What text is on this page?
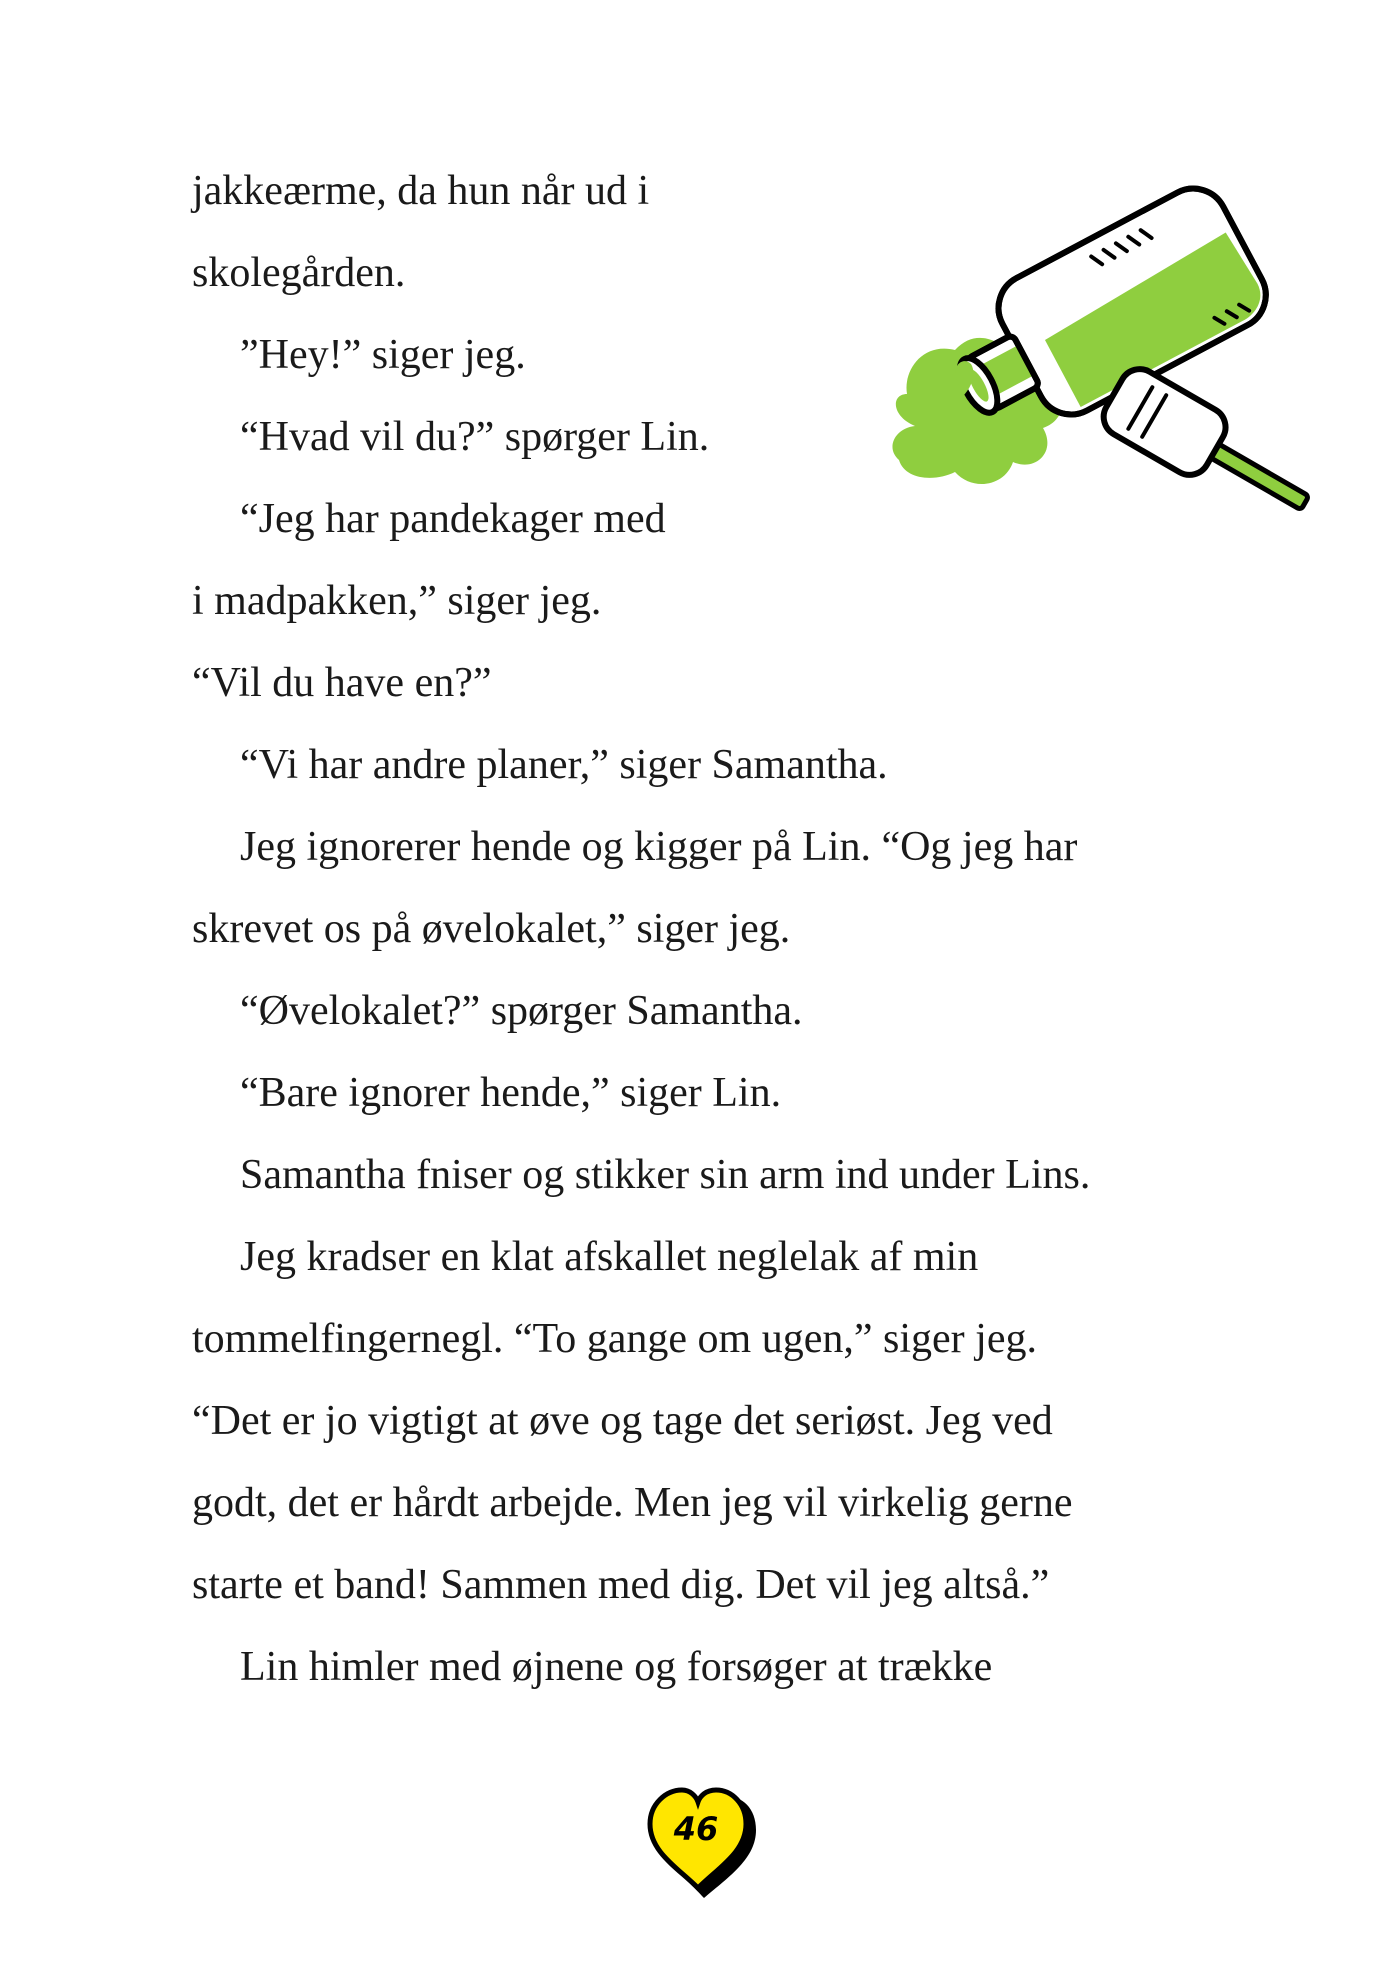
jakkeærme, da hun når ud i
skolegården.
”Hey!” siger jeg.
“Hvad vil du?” spørger Lin.
“Jeg har pandekager med
i madpakken,” siger jeg.
“Vil du have en?”
“Vi har andre planer,” siger Samantha.
Jeg ignorerer hende og kigger på Lin. “Og jeg har
skrevet os på øvelokalet,” siger jeg.
“Øvelokalet?” spørger Samantha.
“Bare ignorer hende,” siger Lin.
Samantha fniser og stikker sin arm ind under Lins.
Jeg kradser en klat afskallet neglelak af min
tommelfingernegl. “To gange om ugen,” siger jeg.
“Det er jo vigtigt at øve og tage det seriøst. Jeg ved
godt, det er hårdt arbejde. Men jeg vil virkelig gerne
starte et band! Sammen med dig. Det vil jeg altså.”
Lin himler med øjnene og forsøger at trække
46
